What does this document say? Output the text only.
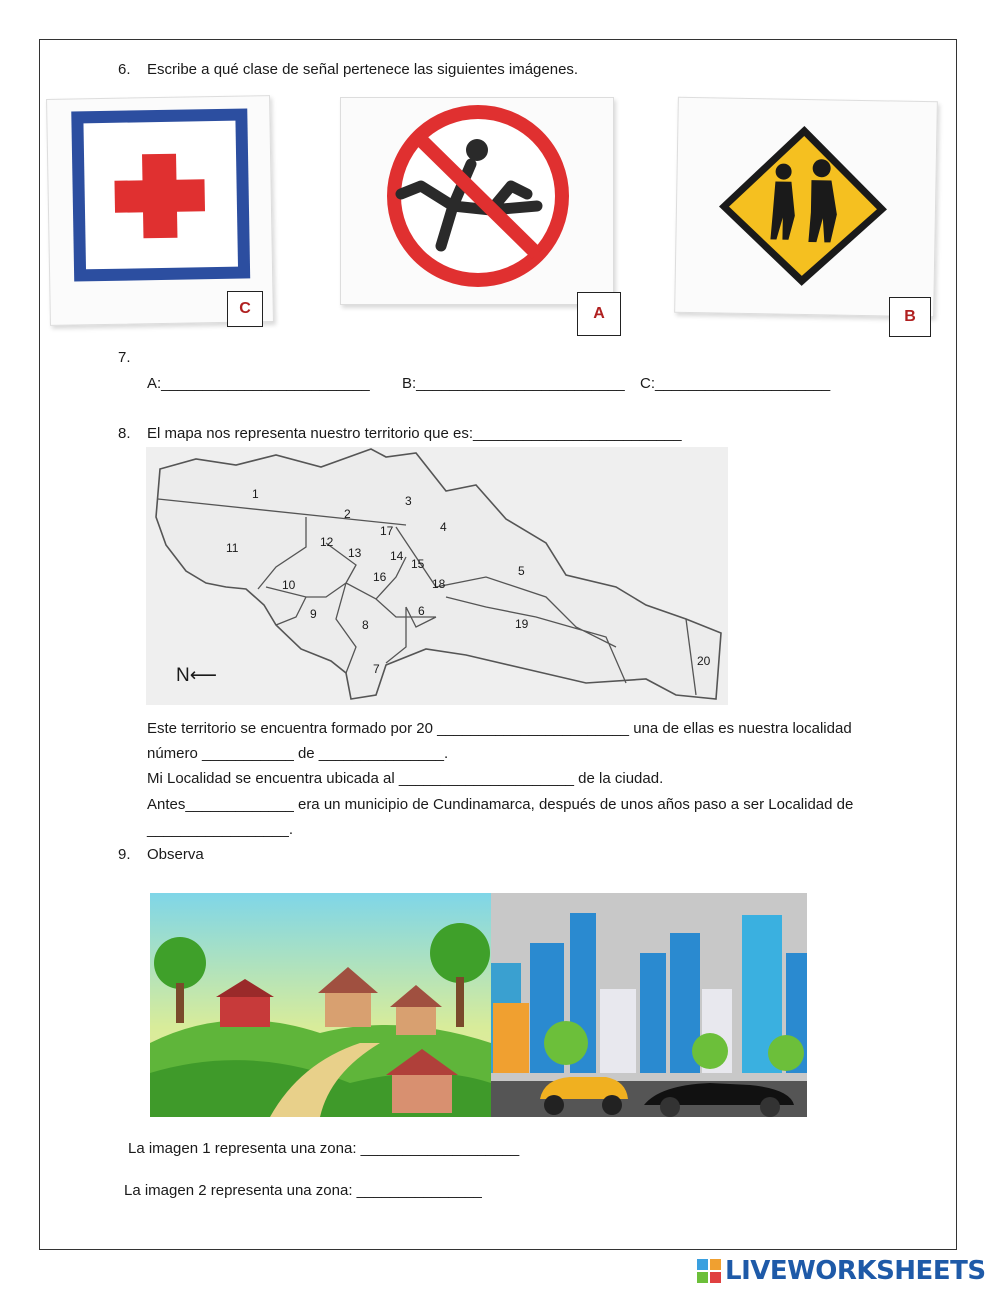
6. Escribe a qué clase de señal pertenece las siguientes imágenes.
C	A	B
7.
A:_________________________ B:_________________________ C:_____________________
8. El mapa nos representa nuestro territorio que es:_________________________
1
2
3
4
5
6
7
8
9
10
11	12
13 14
15
16
17
18
19
20
N⟵
Este territorio se encuentra formado por 20 _______________________ una de ellas es nuestra localidad
número ___________ de _______________.
Mi Localidad se encuentra ubicada al _____________________ de la ciudad.
Antes_____________ era un municipio de Cundinamarca, después de unos años paso a ser Localidad de
_________________.
9. Observa
La imagen 1 representa una zona: ___________________
La imagen 2 representa una zona: _______________
LIVEWORKSHEETS
